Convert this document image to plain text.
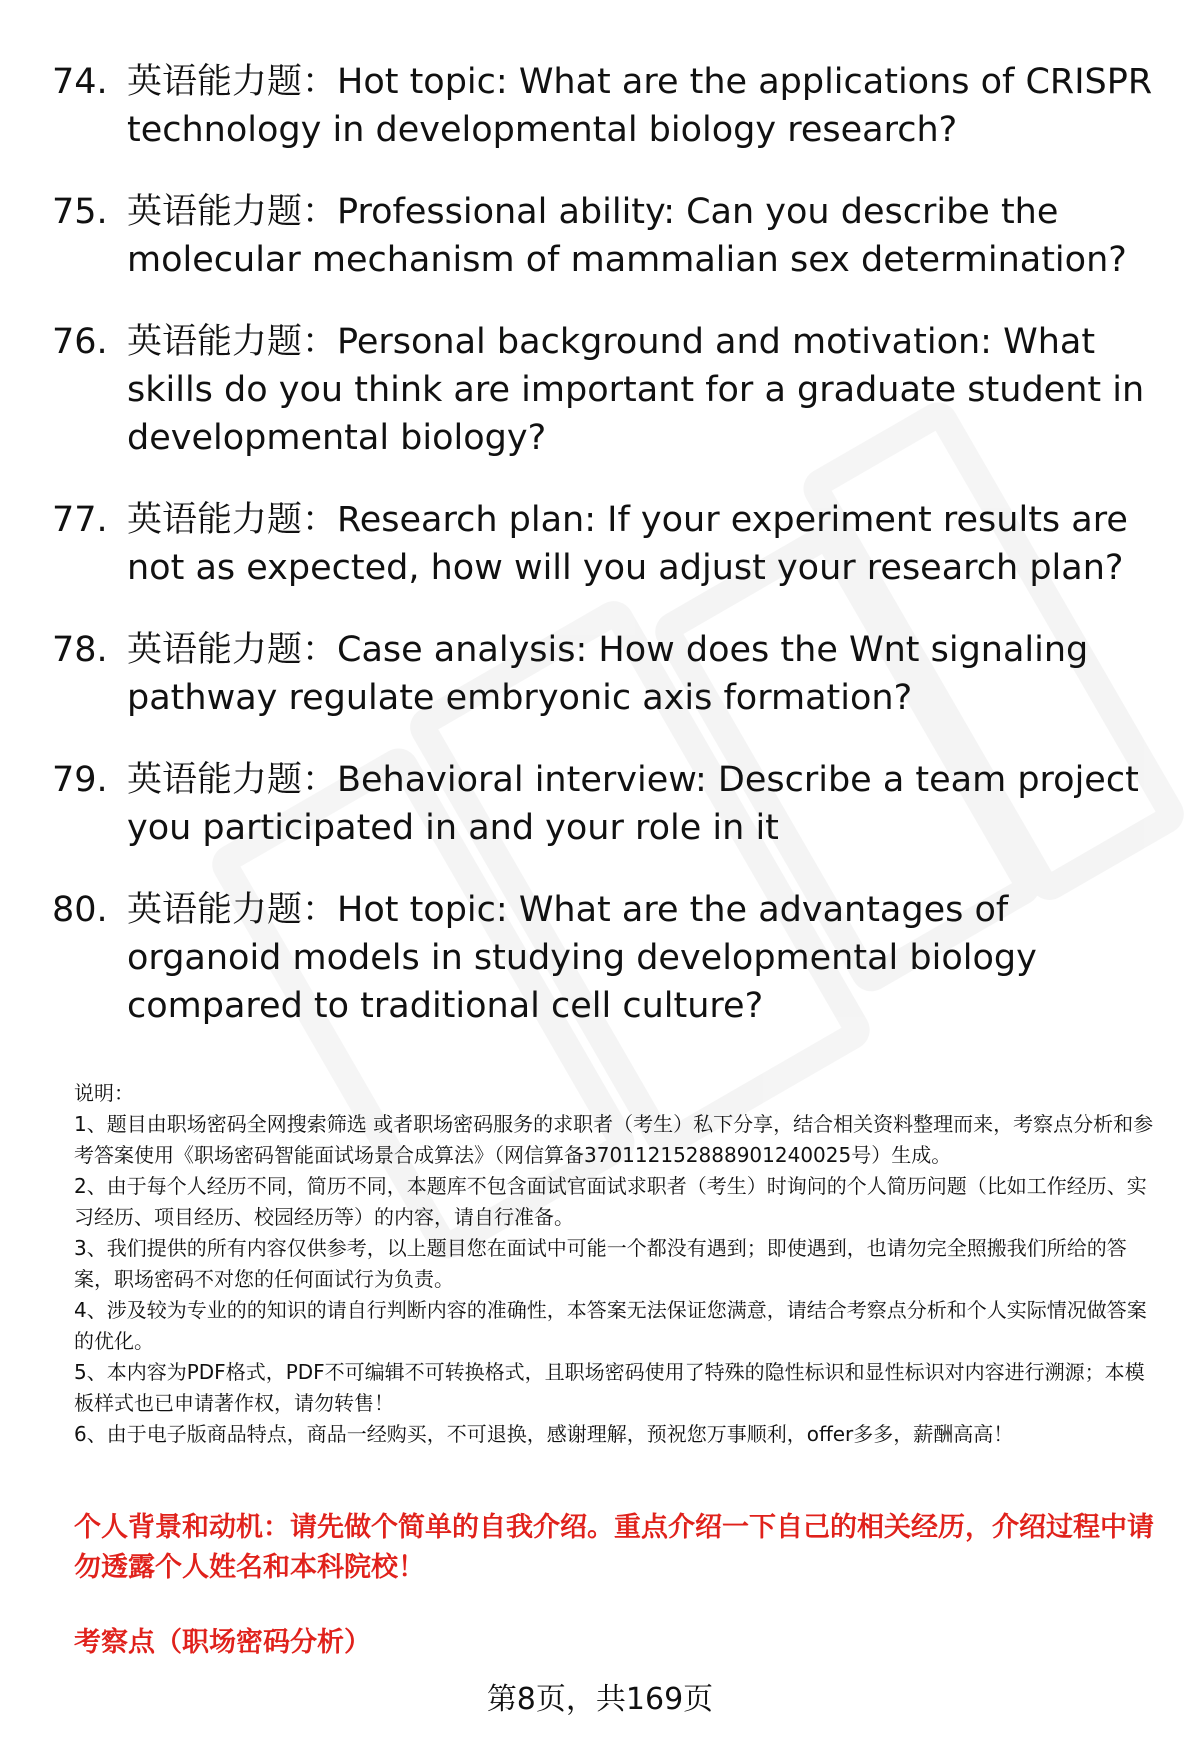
74. 英语能力题：Hot topic: What are the applications of CRISPR technology in developmental biology research?
75. 英语能力题：Professional ability: Can you describe the molecular mechanism of mammalian sex determination?
76. 英语能力题：Personal background and motivation: What skills do you think are important for a graduate student in developmental biology?
77. 英语能力题：Research plan: If your experiment results are not as expected, how will you adjust your research plan?
78. 英语能力题：Case analysis: How does the Wnt signaling pathway regulate embryonic axis formation?
79. 英语能力题：Behavioral interview: Describe a team project you participated in and your role in it
80. 英语能力题：Hot topic: What are the advantages of organoid models in studying developmental biology compared to traditional cell culture?

说明：

1、题目由职场密码全网搜索筛选 或者职场密码服务的求职者（考生）私下分享，结合相关资料整理而来，考察点分析和参考答案使用《职场密码智能面试场景合成算法》（网信算备370112152888901240025号）生成。

2、由于每个人经历不同，简历不同，本题库不包含面试官面试求职者（考生）时询问的个人简历问题（比如工作经历、实习经历、项目经历、校园经历等）的内容，请自行准备。

3、我们提供的所有内容仅供参考，以上题目您在面试中可能一个都没有遇到；即使遇到，也请勿完全照搬我们所给的答案，职场密码不对您的任何面试行为负责。

4、涉及较为专业的的知识的请自行判断内容的准确性，本答案无法保证您满意，请结合考察点分析和个人实际情况做答案的优化。

5、本内容为PDF格式，PDF不可编辑不可转换格式，且职场密码使用了特殊的隐性标识和显性标识对内容进行溯源；本模板样式也已申请著作权，请勿转售！

6、由于电子版商品特点，商品一经购买，不可退换，感谢理解，预祝您万事顺利，offer多多，薪酬高高！

个人背景和动机：请先做个简单的自我介绍。重点介绍一下自己的相关经历，介绍过程中请勿透露个人姓名和本科院校！
考察点（职场密码分析）
第8页，共169页
